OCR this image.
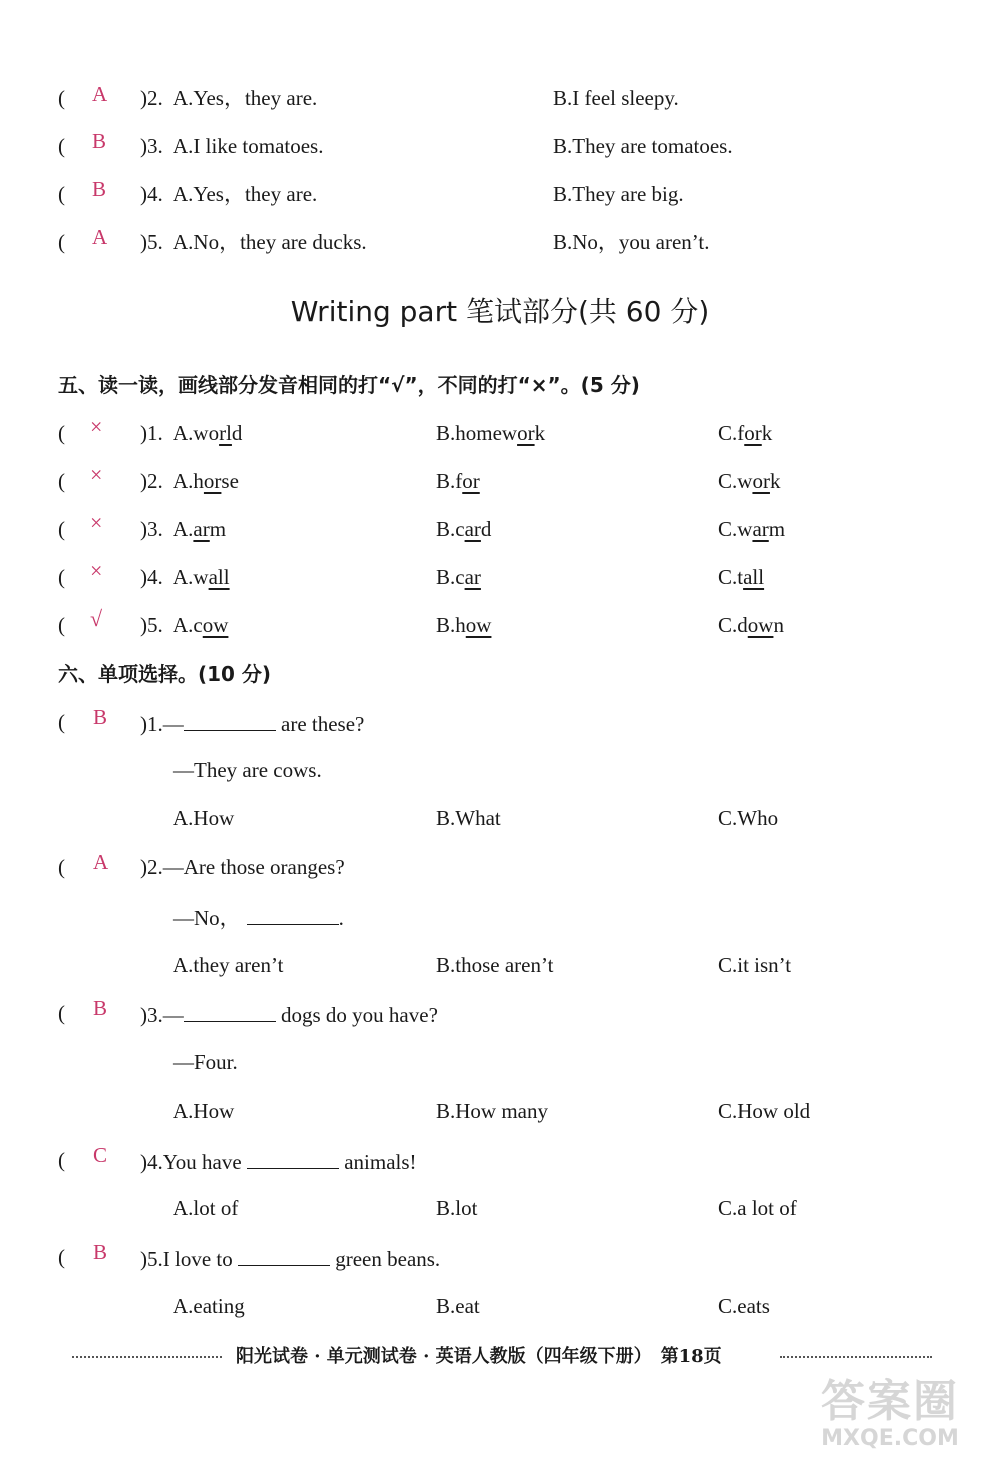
( A )2. A.Yes，they are.	B.I feel sleepy.
( B )3. A.I like tomatoes.	B.They are tomatoes.
( B )4. A.Yes，they are.	B.They are big.
( A )5. A.No，they are ducks.	B.No，you aren’t.
Writing part 笔试部分(共 60 分)
五、读一读，画线部分发音相同的打“√”，不同的打“×”。(5 分)
( × )1. A.world	B.homework	C.fork
( × )2. A.horse	B.for	C.work
( × )3. A.arm	B.card	C.warm
( × )4. A.wall	B.car	C.tall
( √ )5. A.cow	B.how	C.down
六、单项选择。(10 分)
( B )1.—	are these?
—They are cows.
A.How	B.What	C.Who
( A )2.—Are those oranges?
—No，	.
A.they aren’t	B.those aren’t	C.it isn’t
( B )3.—	dogs do you have?
—Four.
A.How	B.How many	C.How old
( C )4.You have	animals!
A.lot of	B.lot	C.a lot of
( B )5.I love to	green beans.
A.eating	B.eat	C.eats
阳光试卷 · 单元测试卷 · 英语人教版（四年级下册）　第18页
答案圈
MXQE.COM
